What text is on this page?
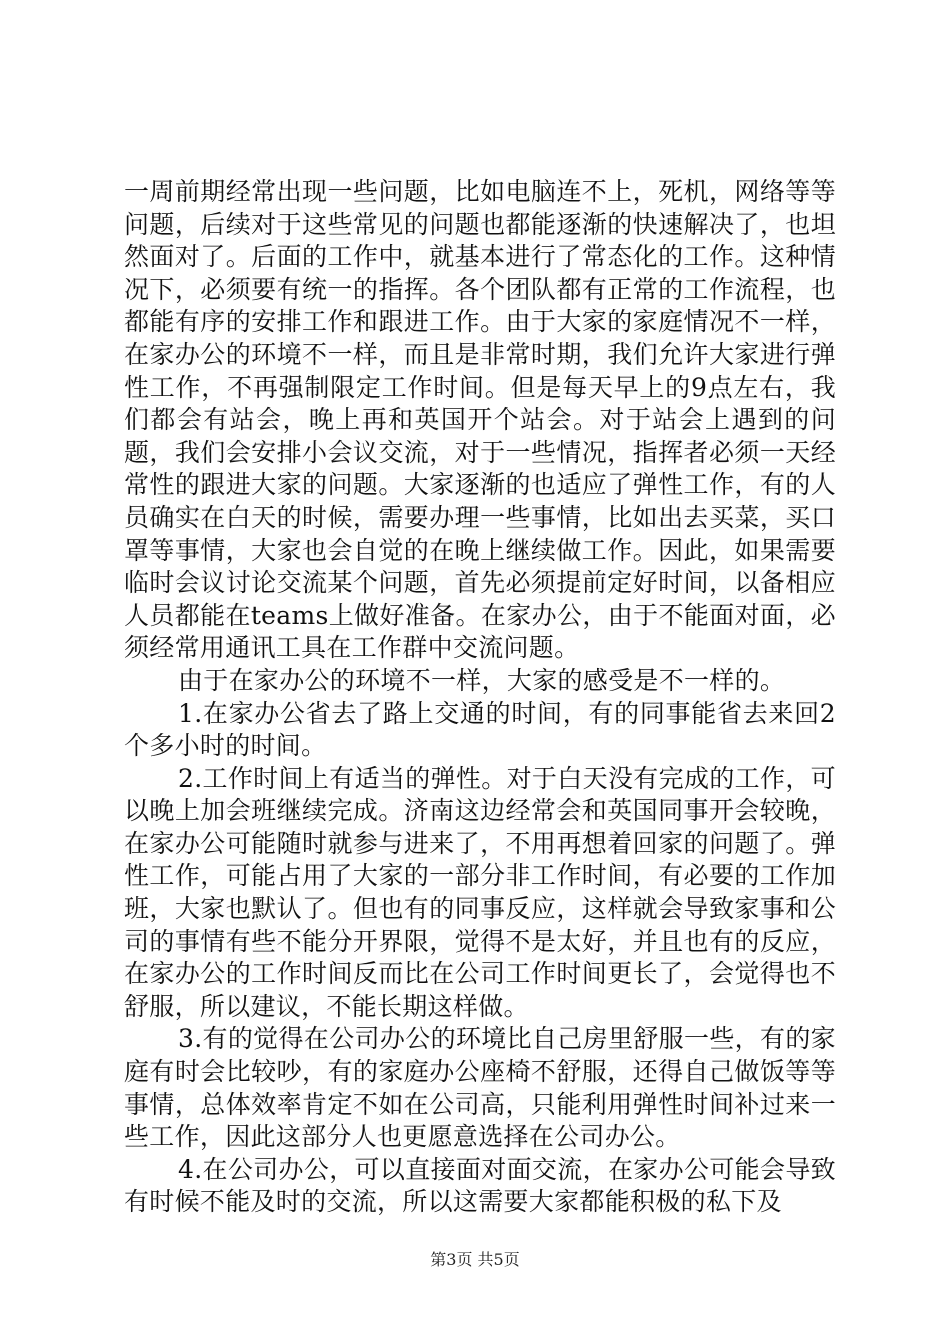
一周前期经常出现一些问题，比如电脑连不上，死机，网络等等问题，后续对于这些常见的问题也都能逐渐的快速解决了，也坦然面对了。后面的工作中，就基本进行了常态化的工作。这种情况下，必须要有统一的指挥。各个团队都有正常的工作流程，也都能有序的安排工作和跟进工作。由于大家的家庭情况不一样，在家办公的环境不一样，而且是非常时期，我们允许大家进行弹性工作，不再强制限定工作时间。但是每天早上的9点左右，我们都会有站会，晚上再和英国开个站会。对于站会上遇到的问题，我们会安排小会议交流，对于一些情况，指挥者必须一天经常性的跟进大家的问题。大家逐渐的也适应了弹性工作，有的人员确实在白天的时候，需要办理一些事情，比如出去买菜，买口罩等事情，大家也会自觉的在晚上继续做工作。因此，如果需要临时会议讨论交流某个问题，首先必须提前定好时间，以备相应人员都能在teams上做好准备。在家办公，由于不能面对面，必须经常用通讯工具在工作群中交流问题。

由于在家办公的环境不一样，大家的感受是不一样的。

1.在家办公省去了路上交通的时间，有的同事能省去来回2个多小时的时间。

2.工作时间上有适当的弹性。对于白天没有完成的工作，可以晚上加会班继续完成。济南这边经常会和英国同事开会较晚，在家办公可能随时就参与进来了，不用再想着回家的问题了。弹性工作，可能占用了大家的一部分非工作时间，有必要的工作加班，大家也默认了。但也有的同事反应，这样就会导致家事和公司的事情有些不能分开界限，觉得不是太好，并且也有的反应，在家办公的工作时间反而比在公司工作时间更长了，会觉得也不舒服，所以建议，不能长期这样做。

3.有的觉得在公司办公的环境比自己房里舒服一些，有的家庭有时会比较吵，有的家庭办公座椅不舒服，还得自己做饭等等事情，总体效率肯定不如在公司高，只能利用弹性时间补过来一些工作，因此这部分人也更愿意选择在公司办公。

4.在公司办公，可以直接面对面交流，在家办公可能会导致有时候不能及时的交流，所以这需要大家都能积极的私下及

第3页 共5页
